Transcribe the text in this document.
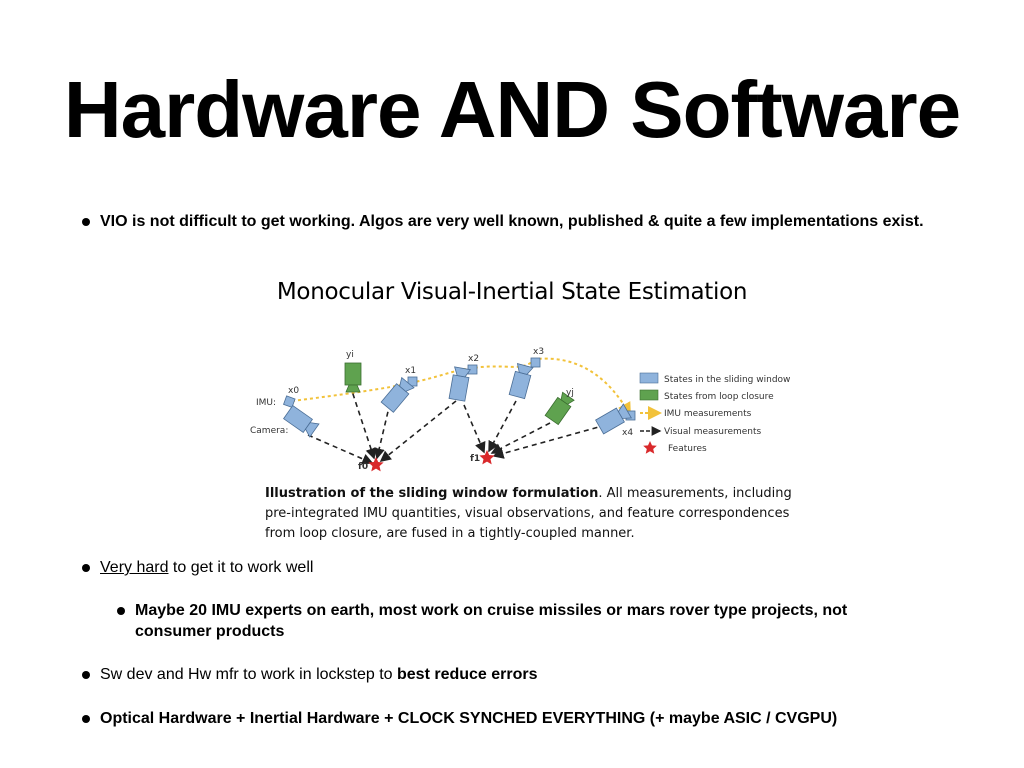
Hardware AND Software
VIO is not difficult to get working. Algos are very well known, published & quite a few implementations exist.
Monocular Visual-Inertial State Estimation
IMU:
Camera:
x0
x1
x2
x3
x4
yi
yj
f0
f1
States in the sliding window
States from loop closure
IMU measurements
Visual measurements
Features
Illustration of the sliding window formulation. All measurements, including pre-integrated IMU quantities, visual observations, and feature correspondences from loop closure, are fused in a tightly-coupled manner.
Very hard to get it to work well
Maybe 20 IMU experts on earth, most work on cruise missiles or mars rover type projects, not consumer products
Sw dev and Hw mfr to work in lockstep to best reduce errors
Optical Hardware + Inertial Hardware + CLOCK SYNCHED EVERYTHING (+ maybe ASIC / CVGPU)
